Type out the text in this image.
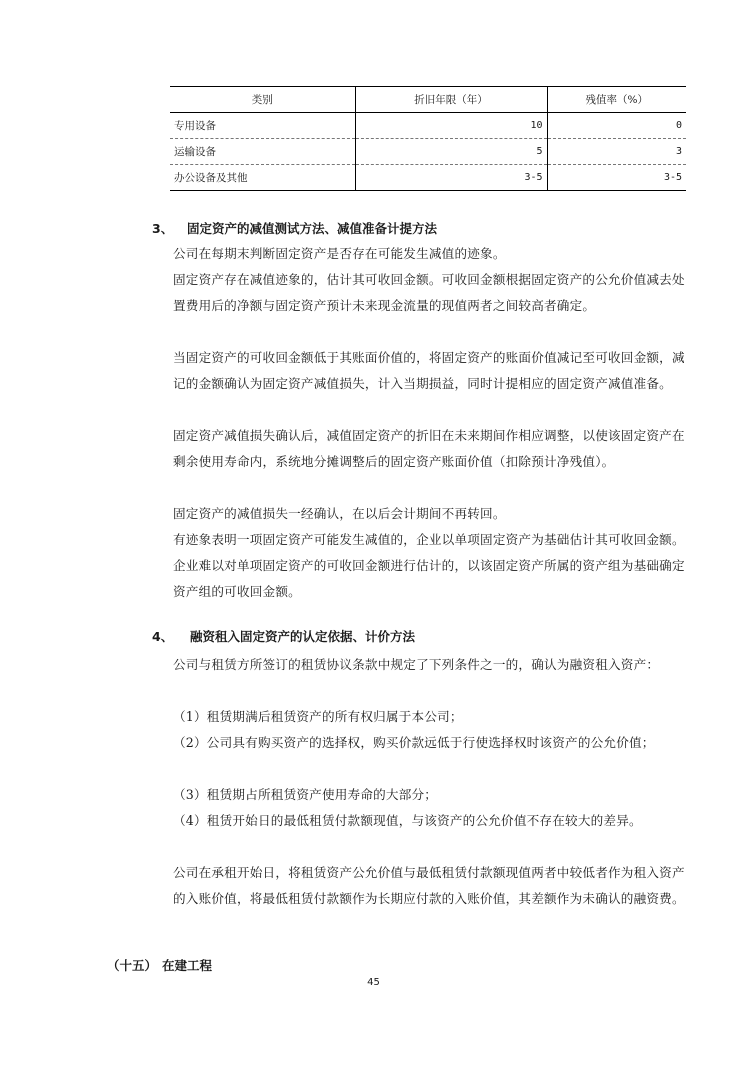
类别	折旧年限（年）	残值率（%）
专用设备	10	0
运输设备	5	3
办公设备及其他	3-5	3-5
3、 固定资产的减值测试方法、减值准备计提方法

公司在每期末判断固定资产是否存在可能发生减值的迹象。

固定资产存在减值迹象的，估计其可收回金额。可收回金额根据固定资产的公允价值减去处置费用后的净额与固定资产预计未来现金流量的现值两者之间较高者确定。

当固定资产的可收回金额低于其账面价值的，将固定资产的账面价值减记至可收回金额，减记的金额确认为固定资产减值损失，计入当期损益，同时计提相应的固定资产减值准备。

固定资产减值损失确认后，减值固定资产的折旧在未来期间作相应调整，以使该固定资产在剩余使用寿命内，系统地分摊调整后的固定资产账面价值（扣除预计净残值）。

固定资产的减值损失一经确认，在以后会计期间不再转回。

有迹象表明一项固定资产可能发生减值的，企业以单项固定资产为基础估计其可收回金额。企业难以对单项固定资产的可收回金额进行估计的，以该固定资产所属的资产组为基础确定资产组的可收回金额。

4、 融资租入固定资产的认定依据、计价方法

公司与租赁方所签订的租赁协议条款中规定了下列条件之一的，确认为融资租入资产：

（1）租赁期满后租赁资产的所有权归属于本公司；

（2）公司具有购买资产的选择权，购买价款远低于行使选择权时该资产的公允价值；

（3）租赁期占所租赁资产使用寿命的大部分；

（4）租赁开始日的最低租赁付款额现值，与该资产的公允价值不存在较大的差异。

公司在承租开始日，将租赁资产公允价值与最低租赁付款额现值两者中较低者作为租入资产的入账价值，将最低租赁付款额作为长期应付款的入账价值，其差额作为未确认的融资费。

（十五） 在建工程
45
